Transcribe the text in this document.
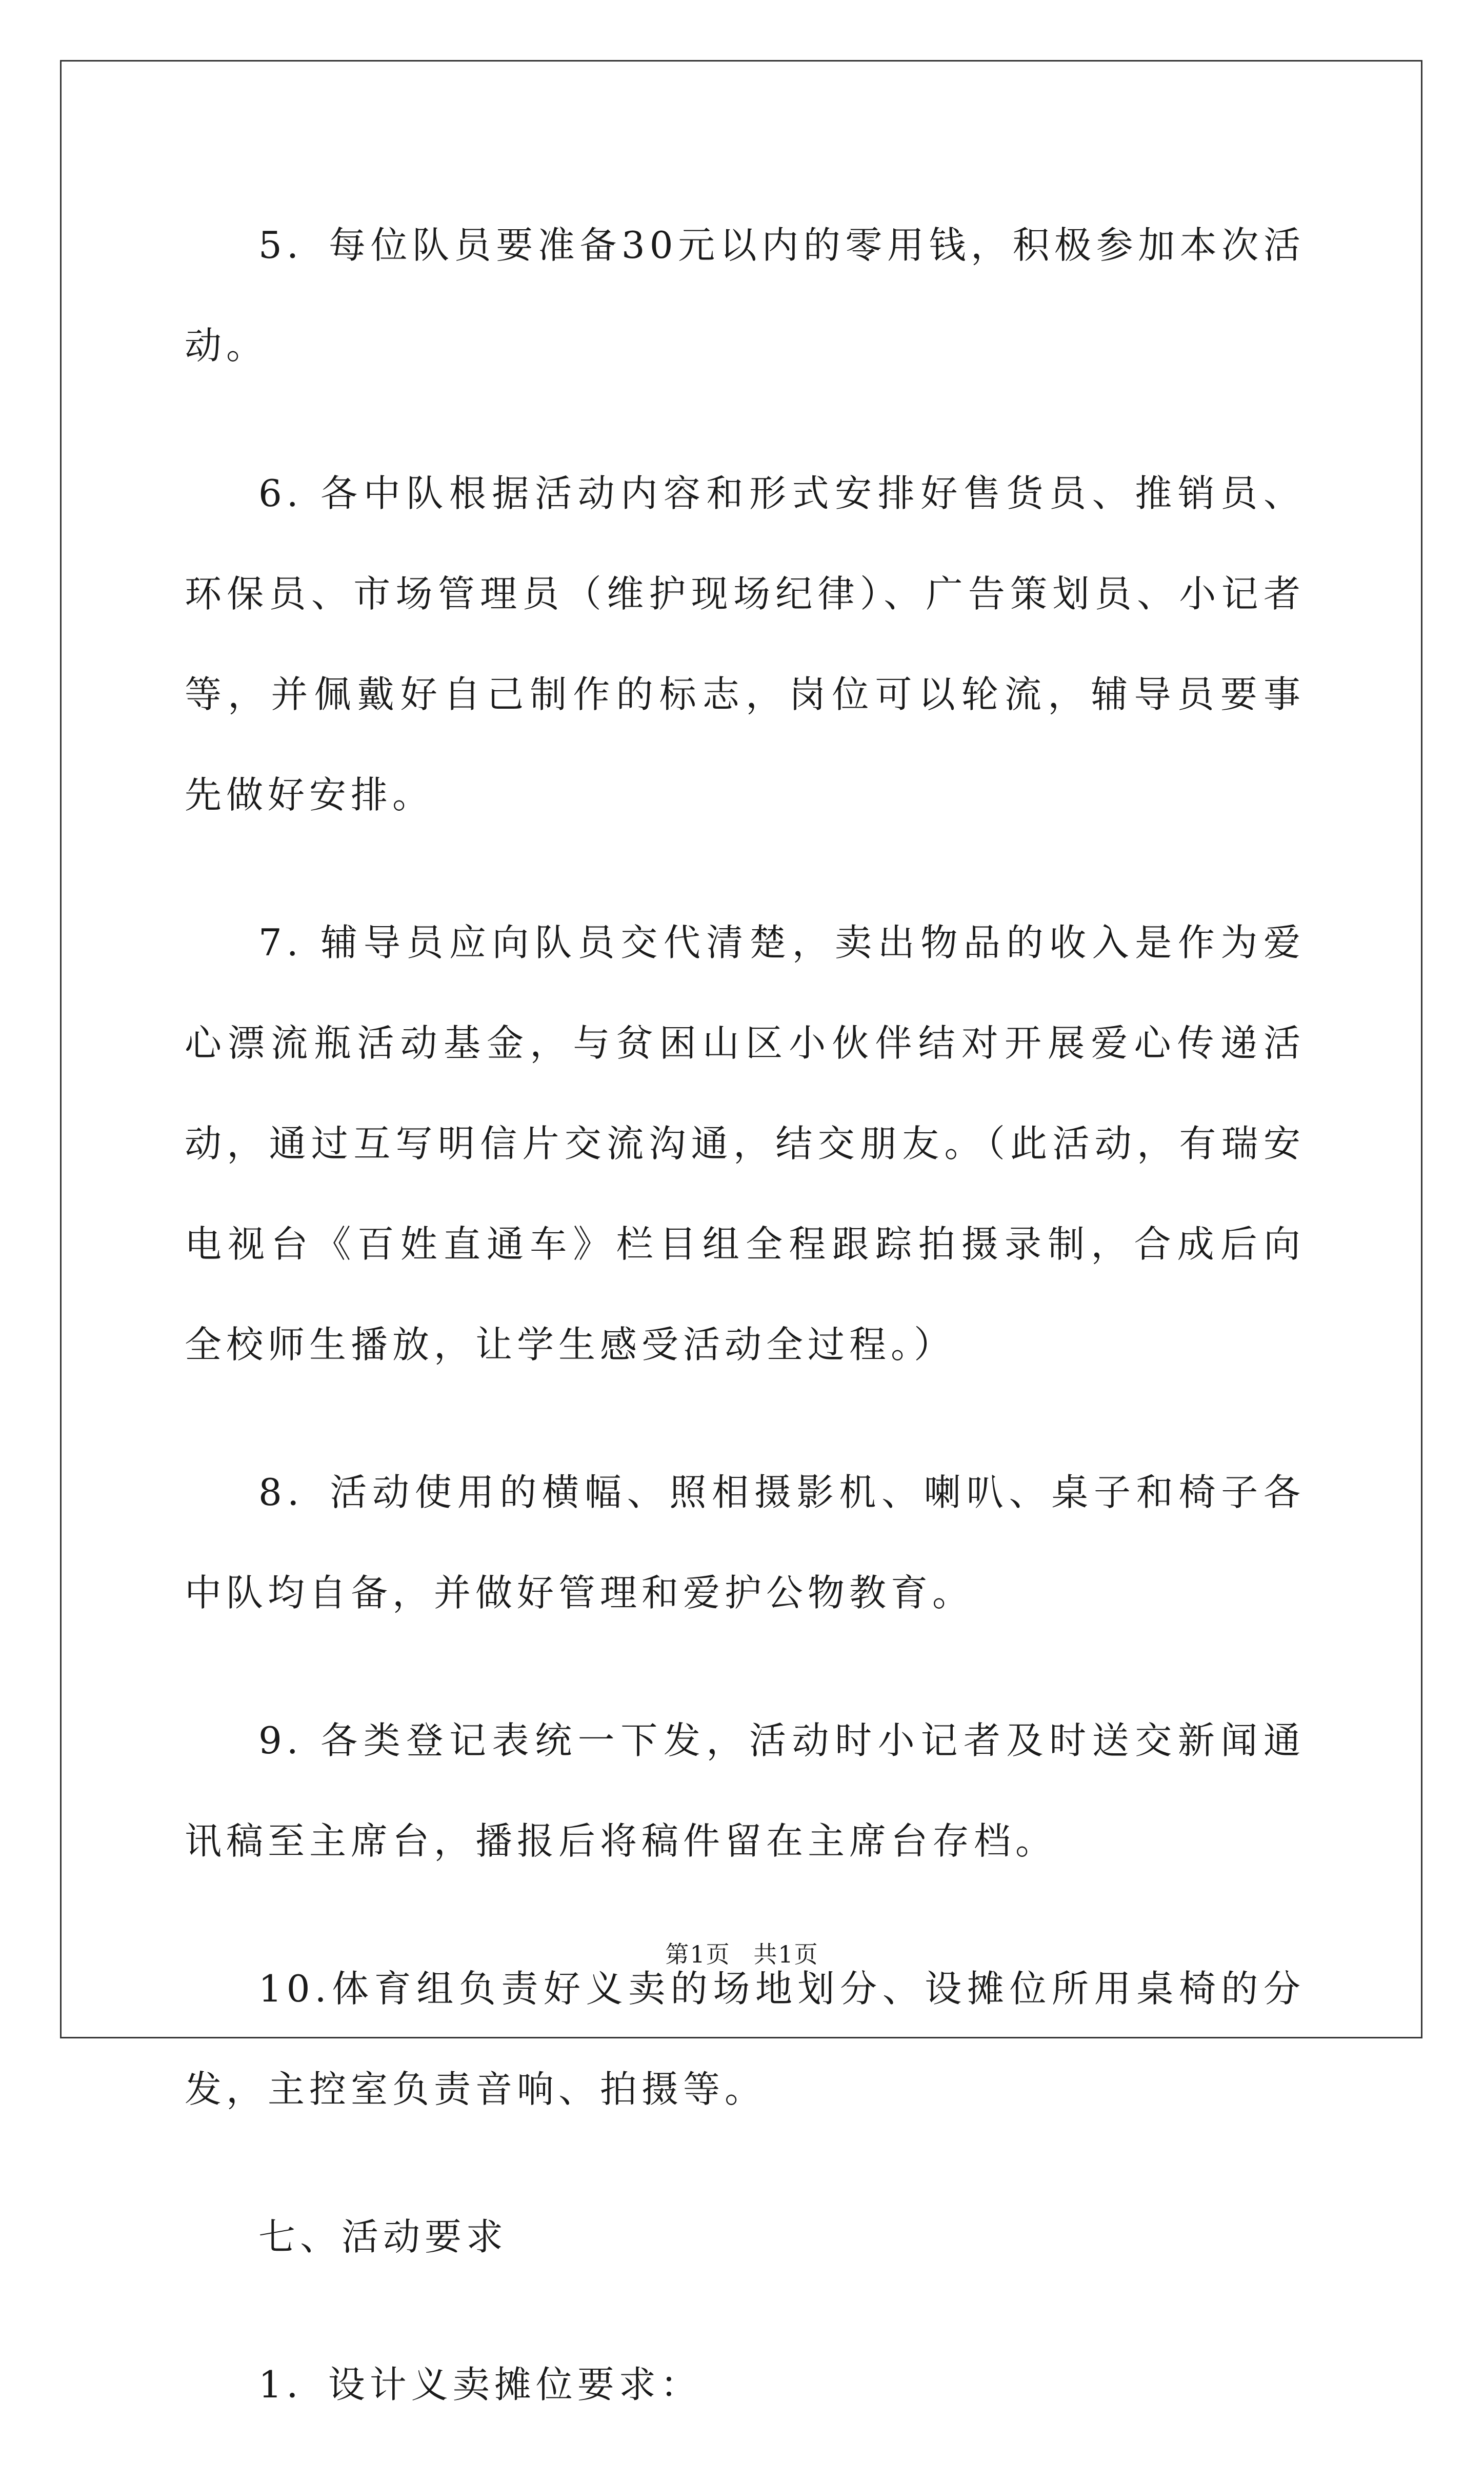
5．每位队员要准备30元以内的零用钱，积极参加本次活动。

6. 各中队根据活动内容和形式安排好售货员、推销员、环保员、市场管理员（维护现场纪律）、广告策划员、小记者等，并佩戴好自己制作的标志，岗位可以轮流，辅导员要事先做好安排。

7. 辅导员应向队员交代清楚，卖出物品的收入是作为爱心漂流瓶活动基金，与贫困山区小伙伴结对开展爱心传递活动，通过互写明信片交流沟通，结交朋友。（此活动，有瑞安电视台《百姓直通车》栏目组全程跟踪拍摄录制，合成后向全校师生播放，让学生感受活动全过程。）

8．活动使用的横幅、照相摄影机、喇叭、桌子和椅子各中队均自备，并做好管理和爱护公物教育。

9. 各类登记表统一下发，活动时小记者及时送交新闻通讯稿至主席台，播报后将稿件留在主席台存档。

10.体育组负责好义卖的场地划分、设摊位所用桌椅的分发，主控室负责音响、拍摄等。

七、活动要求

1．设计义卖摊位要求：

第1页 共1页
